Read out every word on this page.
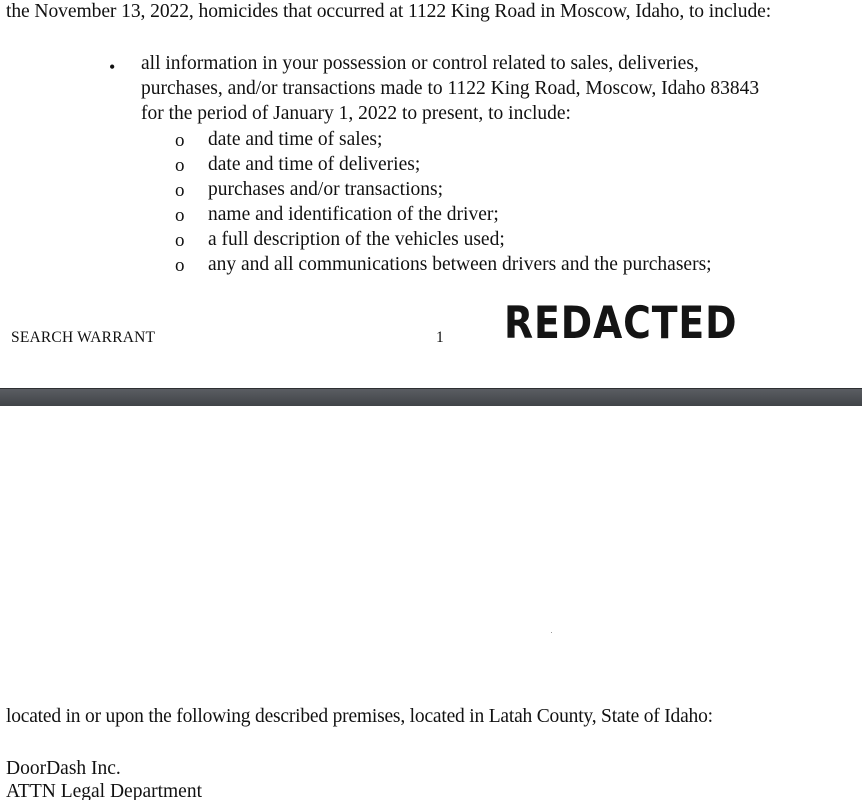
the November 13, 2022, homicides that occurred at 1122 King Road in Moscow, Idaho, to include:
• all information in your possession or control related to sales, deliveries,
purchases, and/or transactions made to 1122 King Road, Moscow, Idaho 83843
for the period of January 1, 2022 to present, to include:
o date and time of sales;
o date and time of deliveries;
o purchases and/or transactions;
o name and identification of the driver;
o a full description of the vehicles used;
o any and all communications between drivers and the purchasers;
SEARCH WARRANT	1 REDACTED
located in or upon the following described premises, located in Latah County, State of Idaho:
DoorDash Inc.
ATTN Legal Department
